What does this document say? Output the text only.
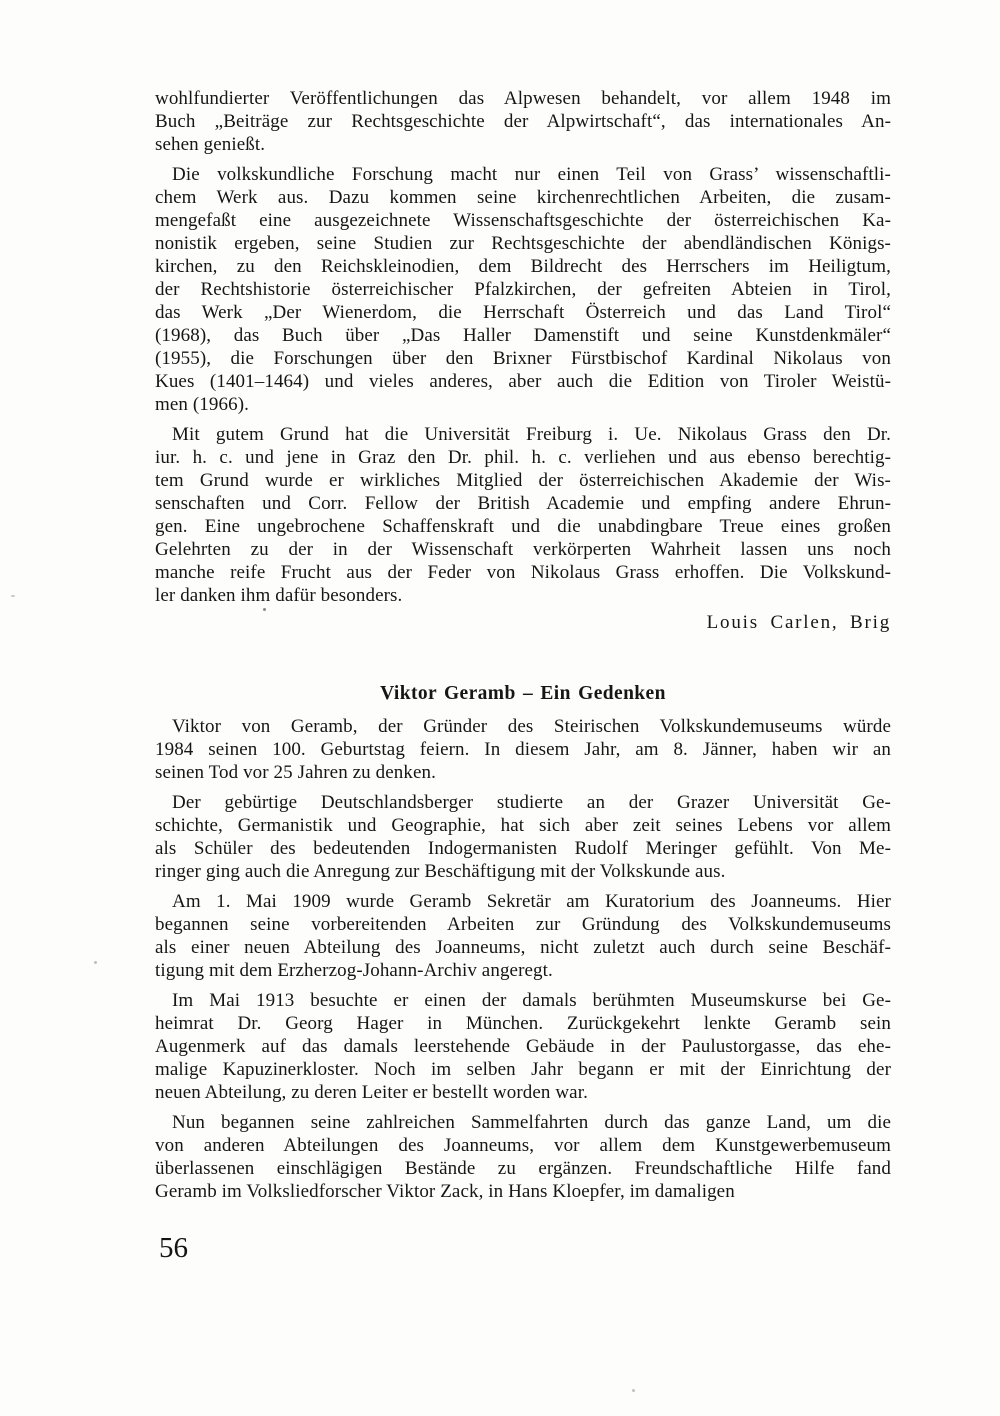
wohlfundierter Veröffentlichungen das Alpwesen behandelt, vor allem 1948 im
Buch „Beiträge zur Rechtsgeschichte der Alpwirtschaft“, das internationales An-
sehen genießt.
Die volkskundliche Forschung macht nur einen Teil von Grass’ wissenschaftli-
chem Werk aus. Dazu kommen seine kirchenrechtlichen Arbeiten, die zusam-
mengefaßt eine ausgezeichnete Wissenschaftsgeschichte der österreichischen Ka-
nonistik ergeben, seine Studien zur Rechtsgeschichte der abendländischen Königs-
kirchen, zu den Reichskleinodien, dem Bildrecht des Herrschers im Heiligtum,
der Rechtshistorie österreichischer Pfalzkirchen, der gefreiten Abteien in Tirol,
das Werk „Der Wienerdom, die Herrschaft Österreich und das Land Tirol“
(1968), das Buch über „Das Haller Damenstift und seine Kunstdenkmäler“
(1955), die Forschungen über den Brixner Fürstbischof Kardinal Nikolaus von
Kues (1401–1464) und vieles anderes, aber auch die Edition von Tiroler Weistü-
men (1966).
Mit gutem Grund hat die Universität Freiburg i. Ue. Nikolaus Grass den Dr.
iur. h. c. und jene in Graz den Dr. phil. h. c. verliehen und aus ebenso berechtig-
tem Grund wurde er wirkliches Mitglied der österreichischen Akademie der Wis-
senschaften und Corr. Fellow der British Academie und empfing andere Ehrun-
gen. Eine ungebrochene Schaffenskraft und die unabdingbare Treue eines großen
Gelehrten zu der in der Wissenschaft verkörperten Wahrheit lassen uns noch
manche reife Frucht aus der Feder von Nikolaus Grass erhoffen. Die Volkskund-
ler danken ihm dafür besonders.
Louis Carlen, Brig
Viktor Geramb – Ein Gedenken
Viktor von Geramb, der Gründer des Steirischen Volkskundemuseums würde
1984 seinen 100. Geburtstag feiern. In diesem Jahr, am 8. Jänner, haben wir an
seinen Tod vor 25 Jahren zu denken.
Der gebürtige Deutschlandsberger studierte an der Grazer Universität Ge-
schichte, Germanistik und Geographie, hat sich aber zeit seines Lebens vor allem
als Schüler des bedeutenden Indogermanisten Rudolf Meringer gefühlt. Von Me-
ringer ging auch die Anregung zur Beschäftigung mit der Volkskunde aus.
Am 1. Mai 1909 wurde Geramb Sekretär am Kuratorium des Joanneums. Hier
begannen seine vorbereitenden Arbeiten zur Gründung des Volkskundemuseums
als einer neuen Abteilung des Joanneums, nicht zuletzt auch durch seine Beschäf-
tigung mit dem Erzherzog-Johann-Archiv angeregt.
Im Mai 1913 besuchte er einen der damals berühmten Museumskurse bei Ge-
heimrat Dr. Georg Hager in München. Zurückgekehrt lenkte Geramb sein
Augenmerk auf das damals leerstehende Gebäude in der Paulustorgasse, das ehe-
malige Kapuzinerkloster. Noch im selben Jahr begann er mit der Einrichtung der
neuen Abteilung, zu deren Leiter er bestellt worden war.
Nun begannen seine zahlreichen Sammelfahrten durch das ganze Land, um die
von anderen Abteilungen des Joanneums, vor allem dem Kunstgewerbemuseum
überlassenen einschlägigen Bestände zu ergänzen. Freundschaftliche Hilfe fand
Geramb im Volksliedforscher Viktor Zack, in Hans Kloepfer, im damaligen
56
